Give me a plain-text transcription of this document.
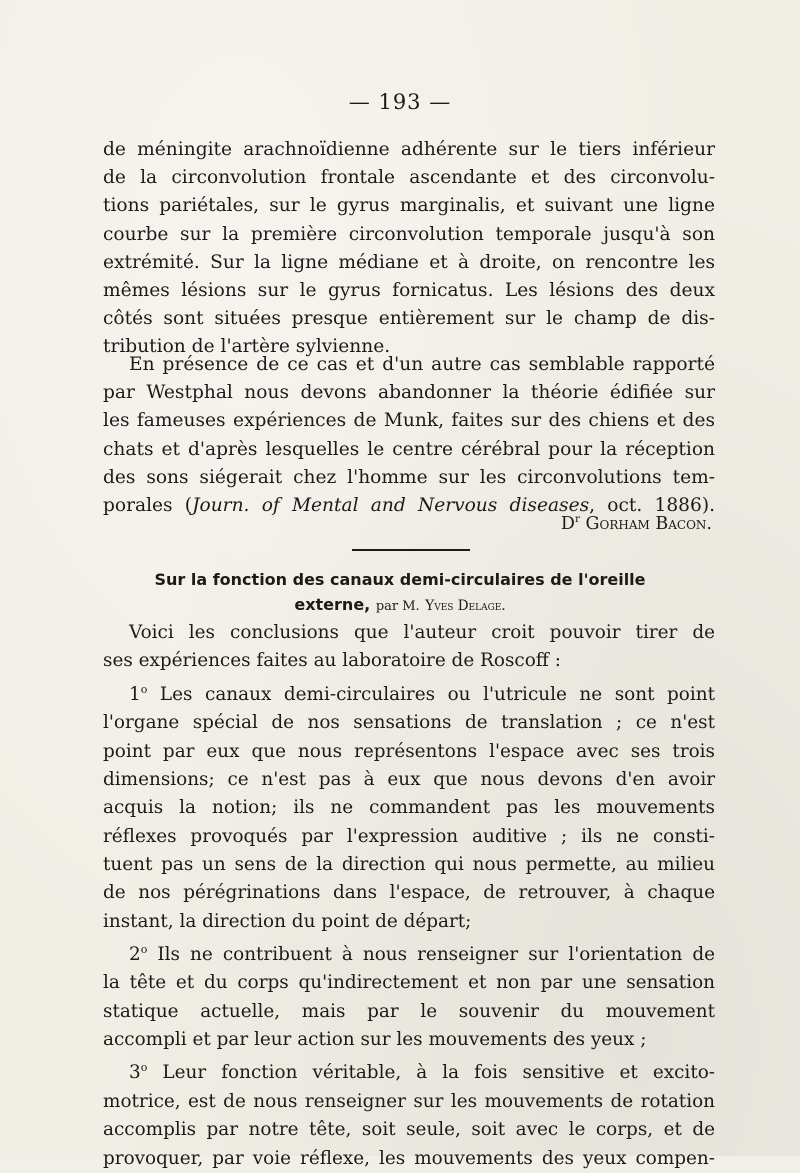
— 193 —
de méningite arachnoïdienne adhérente sur le tiers inférieur
de la circonvolution frontale ascendante et des circonvolu-
tions pariétales, sur le gyrus marginalis, et suivant une ligne
courbe sur la première circonvolution temporale jusqu'à son
extrémité. Sur la ligne médiane et à droite, on rencontre les
mêmes lésions sur le gyrus fornicatus. Les lésions des deux
côtés sont situées presque entièrement sur le champ de dis-
tribution de l'artère sylvienne.
En présence de ce cas et d'un autre cas semblable rapporté
par Westphal nous devons abandonner la théorie édifiée sur
les fameuses expériences de Munk, faites sur des chiens et des
chats et d'après lesquelles le centre cérébral pour la réception
des sons siégerait chez l'homme sur les circonvolutions tem-
porales (Journ. of Mental and Nervous diseases, oct. 1886).
$D^r$ Gorham Bacon.
Sur la fonction des canaux demi-circulaires de l'oreille
externe, par M. Yves Delage.
Voici les conclusions que l'auteur croit pouvoir tirer de
ses expériences faites au laboratoire de Roscoff :
1$^o$ Les canaux demi-circulaires ou l'utricule ne sont point
l'organe spécial de nos sensations de translation ; ce n'est
point par eux que nous représentons l'espace avec ses trois
dimensions; ce n'est pas à eux que nous devons d'en avoir
acquis la notion; ils ne commandent pas les mouvements
réflexes provoqués par l'expression auditive ; ils ne consti-
tuent pas un sens de la direction qui nous permette, au milieu
de nos pérégrinations dans l'espace, de retrouver, à chaque
instant, la direction du point de départ;
2$^o$ Ils ne contribuent à nous renseigner sur l'orientation de
la tête et du corps qu'indirectement et non par une sensation
statique actuelle, mais par le souvenir du mouvement
accompli et par leur action sur les mouvements des yeux ;
3$^o$ Leur fonction véritable, à la fois sensitive et excito-
motrice, est de nous renseigner sur les mouvements de rotation
accomplis par notre tête, soit seule, soit avec le corps, et de
provoquer, par voie réflexe, les mouvements des yeux compen-
